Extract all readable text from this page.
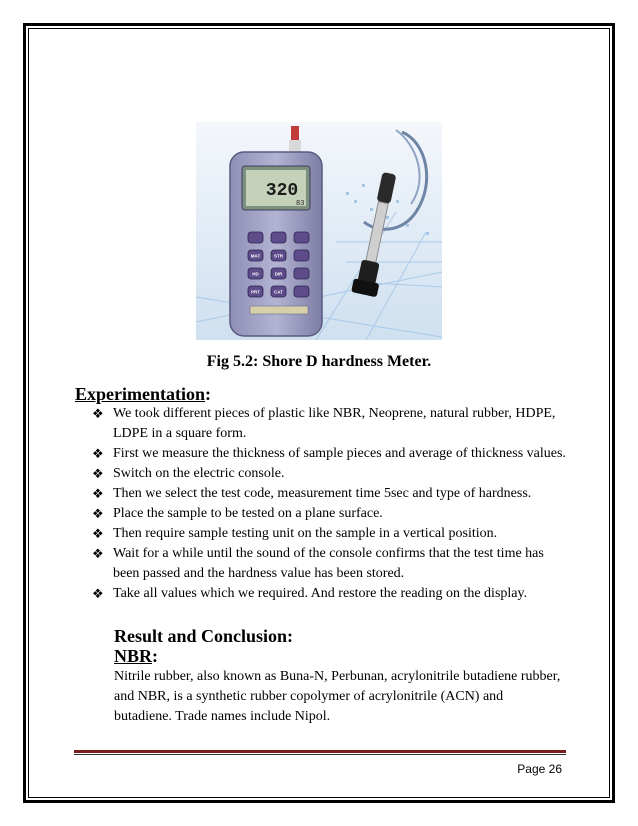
320
83
MAT	STR
HD	DIR
PRT	CAT
Fig 5.2: Shore D hardness Meter.
Experimentation:
❖ We took different pieces of plastic like NBR, Neoprene, natural rubber, HDPE, LDPE in a square form.
❖ First we measure the thickness of sample pieces and average of thickness values.
❖ Switch on the electric console.
❖ Then we select the test code, measurement time 5sec and type of hardness.
❖ Place the sample to be tested on a plane surface.
❖ Then require sample testing unit on the sample in a vertical position.
❖ Wait for a while until the sound of the console confirms that the test time has been passed and the hardness value has been stored.
❖ Take all values which we required. And restore the reading on the display.
Result and Conclusion:
NBR:
Nitrile rubber, also known as Buna-N, Perbunan, acrylonitrile butadiene rubber, and NBR, is a synthetic rubber copolymer of acrylonitrile (ACN) and butadiene. Trade names include Nipol.
Page 26
